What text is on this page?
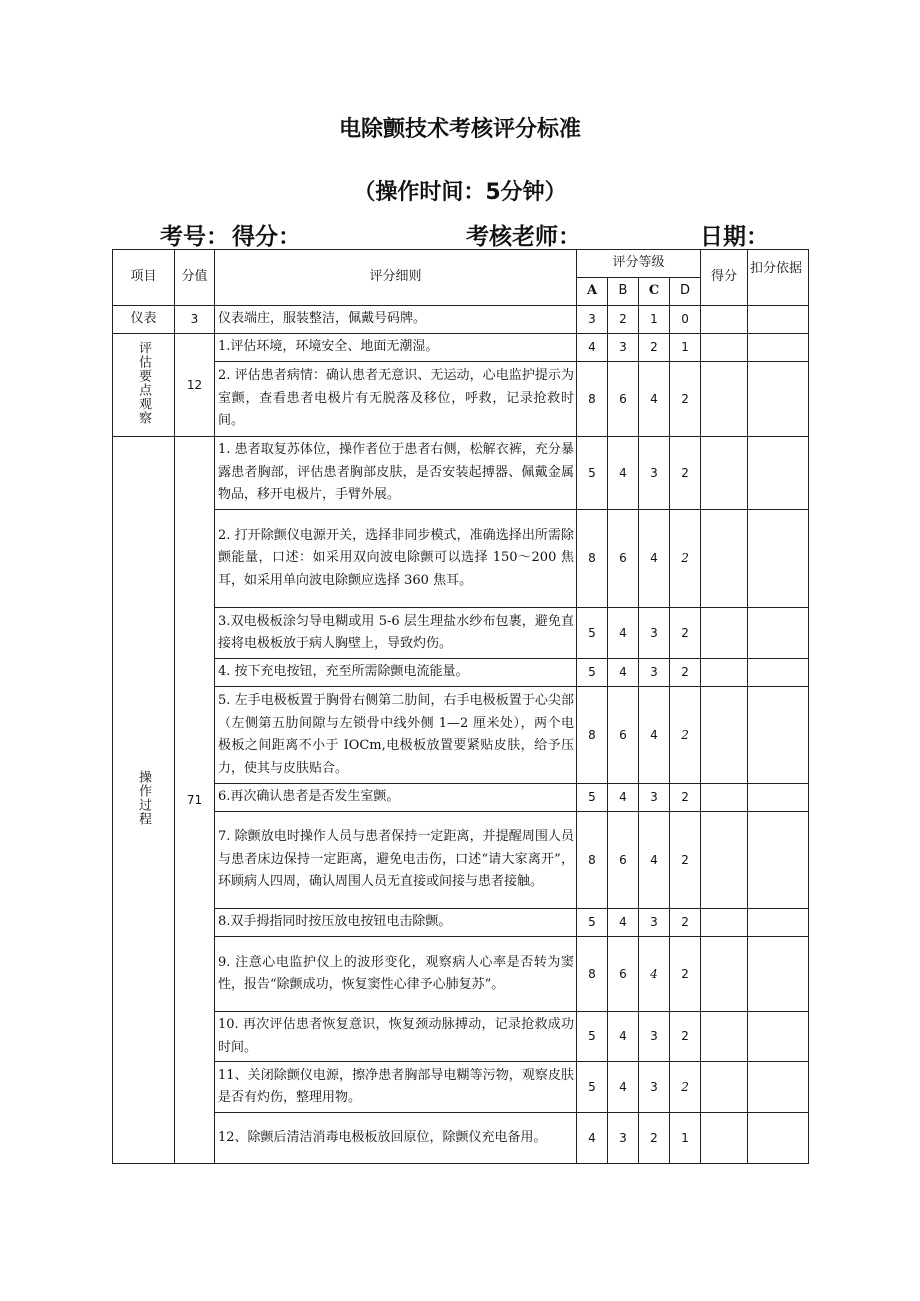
电除颤技术考核评分标准
（操作时间：5分钟）
考号： 得分：	考核老师：	日期：
项目	分值	评分细则	评分等级				得分	扣分依据
			A	B	C	D		
仪表	3	仪表端庄，服装整洁，佩戴号码牌。	3	2	1	0		
评估要点观察	12	1.评估环境，环境安全、地面无潮湿。	4	3	2	1		
		2. 评估患者病情：确认患者无意识、无运动，心电监护提示为室颤，查看患者电极片有无脱落及移位，呼救，记录抢救时间。	8	6	4	2		
操作过程	71	1. 患者取复苏体位，操作者位于患者右侧，松解衣裤，充分暴露患者胸部，评估患者胸部皮肤，是否安装起搏器、佩戴金属物品，移开电极片，手臂外展。	5	4	3	2		
		2. 打开除颤仪电源开关，选择非同步模式，准确选择出所需除颤能量，口述：如采用双向波电除颤可以选择 150～200 焦耳，如采用单向波电除颤应选择 360 焦耳。	8	6	4	2		
		3.双电极板涂匀导电糊或用 5-6 层生理盐水纱布包裹，避免直接将电极板放于病人胸壁上，导致灼伤。	5	4	3	2		
		4. 按下充电按钮，充至所需除颤电流能量。	5	4	3	2		
		5. 左手电极板置于胸骨右侧第二肋间，右手电极板置于心尖部（左侧第五肋间隙与左锁骨中线外侧 1—2 厘米处），两个电极板之间距离不小于 IOCm,电极板放置要紧贴皮肤，给予压力，使其与皮肤贴合。	8	6	4	2		
		6.再次确认患者是否发生室颤。	5	4	3	2		
		7. 除颤放电时操作人员与患者保持一定距离，并提醒周围人员与患者床边保持一定距离，避免电击伤，口述“请大家离开”，环顾病人四周，确认周围人员无直接或间接与患者接触。	8	6	4	2		
		8.双手拇指同时按压放电按钮电击除颤。	5	4	3	2		
		9. 注意心电监护仪上的波形变化，观察病人心率是否转为窦性，报告“除颤成功，恢复窦性心律予心肺复苏”。	8	6	4	2		
		10. 再次评估患者恢复意识，恢复颈动脉搏动，记录抢救成功时间。	5	4	3	2		
		11、关闭除颤仪电源，擦净患者胸部导电糊等污物，观察皮肤是否有灼伤，整理用物。	5	4	3	2		
		12、除颤后清洁消毒电极板放回原位，除颤仪充电备用。	4	3	2	1		
